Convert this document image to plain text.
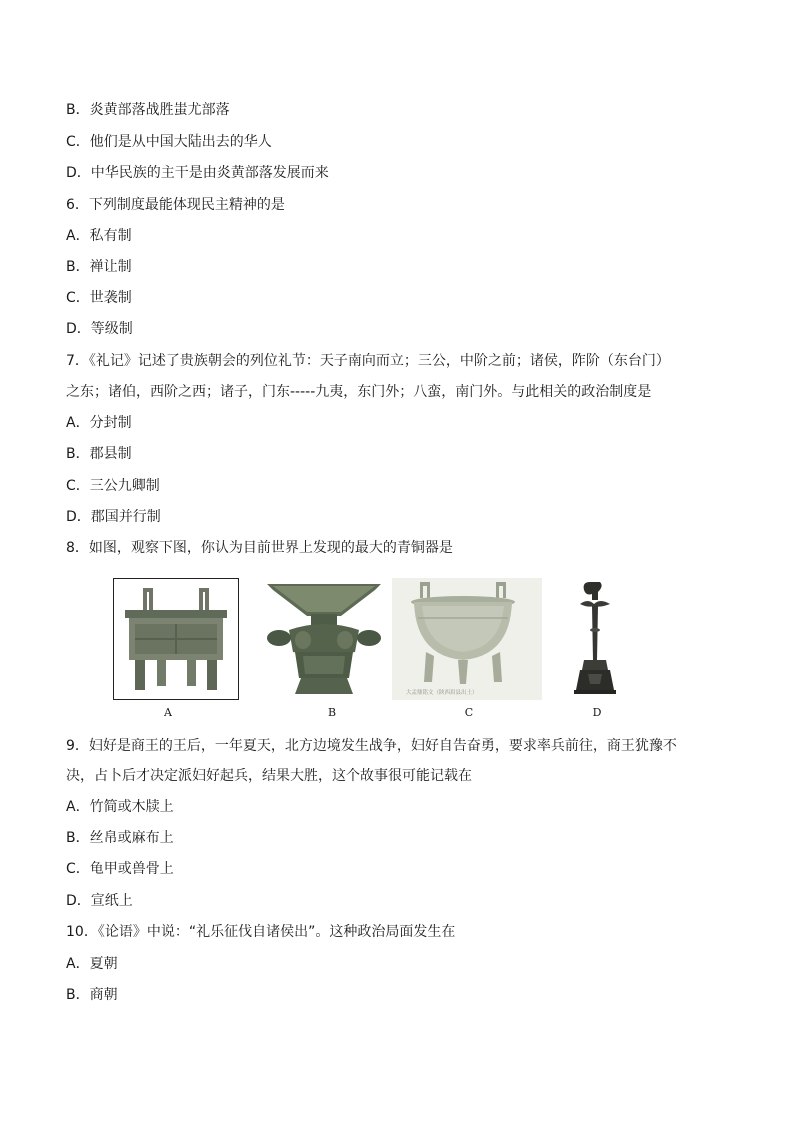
B．炎黄部落战胜蚩尤部落
C．他们是从中国大陆出去的华人
D．中华民族的主干是由炎黄部落发展而来
6．下列制度最能体现民主精神的是
A．私有制
B．禅让制
C．世袭制
D．等级制
7．《礼记》记述了贵族朝会的列位礼节：天子南向而立；三公，中阶之前；诸侯，阼阶（东台门）
之东；诸伯，西阶之西；诸子，门东-----九夷，东门外；八蛮，南门外。与此相关的政治制度是
A．分封制
B．郡县制
C．三公九卿制
D．郡国并行制
8．如图，观察下图，你认为目前世界上发现的最大的青铜器是
A	B
大盂鼎铭文（陕西眉县出土）
C	D
9．妇好是商王的王后，一年夏天，北方边境发生战争，妇好自告奋勇，要求率兵前往，商王犹豫不
决，占卜后才决定派妇好起兵，结果大胜，这个故事很可能记载在
A．竹简或木牍上
B．丝帛或麻布上
C．龟甲或兽骨上
D．宣纸上
10．《论语》中说：“礼乐征伐自诸侯出”。这种政治局面发生在
A．夏朝
B．商朝
